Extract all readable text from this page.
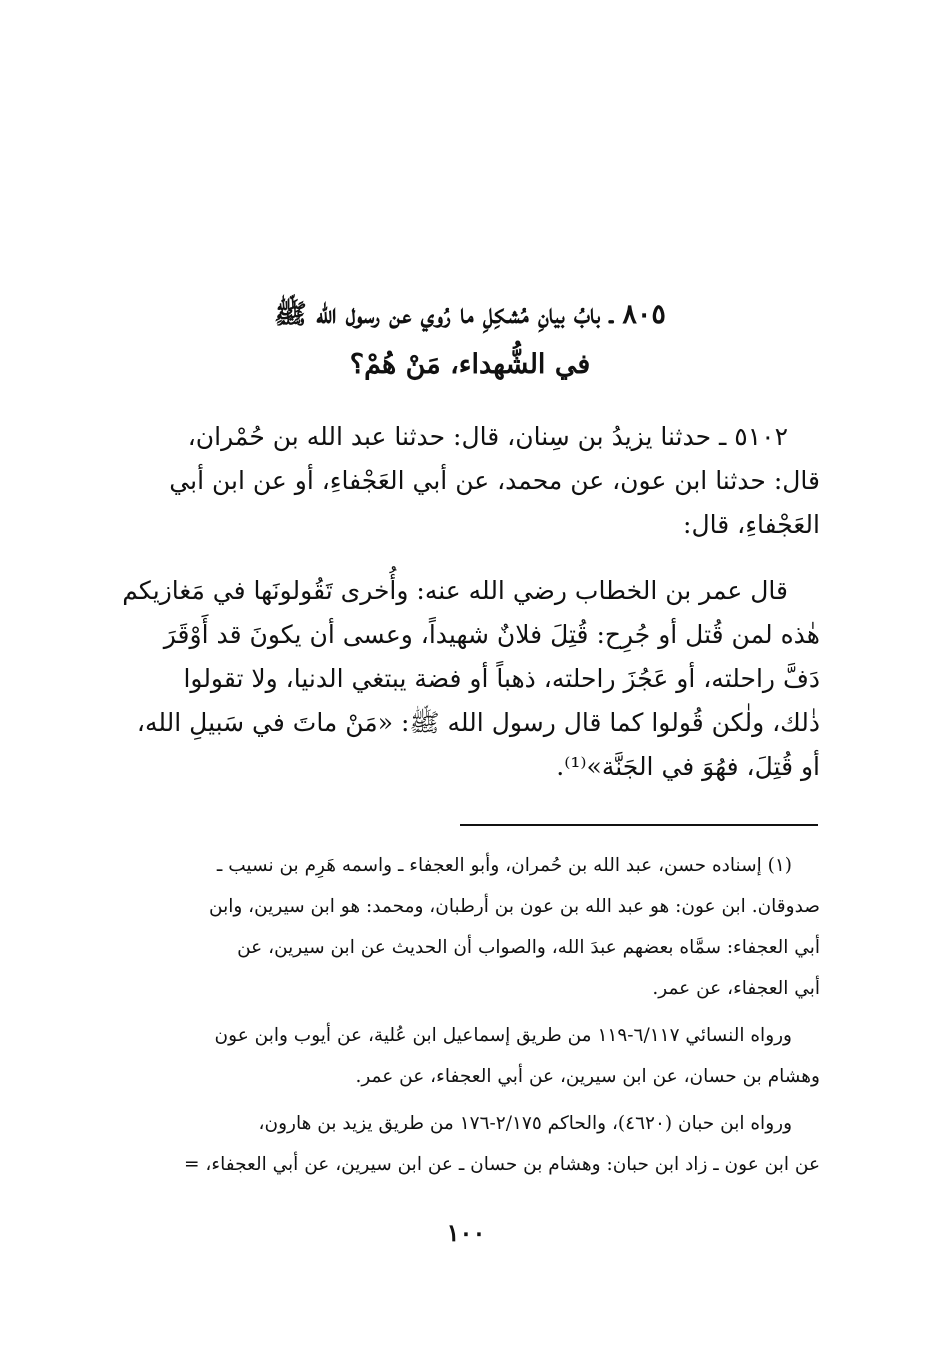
٨٠٥ ـ بابُ بيانِ مُشكِلِ ما رُوي عن رسول الله ﷺ
في الشُّهداء، مَنْ هُمْ؟

٥١٠٢ ـ حدثنا يزيدُ بن سِنان، قال: حدثنا عبد الله بن حُمْران،

قال: حدثنا ابن عون، عن محمد، عن أبي العَجْفاءِ، أو عن ابن أبي

العَجْفاءِ، قال:

قال عمر بن الخطاب رضي الله عنه: وأُخرى تَقُولونَها في مَغازيكم

هٰذه لمن قُتل أو جُرِح: قُتِلَ فلانٌ شهيداً، وعسى أن يكونَ قد أَوْقَرَ

دَفَّ راحلته، أو عَجُزَ راحلته، ذهباً أو فضة يبتغي الدنيا، ولا تقولوا

ذٰلك، ولٰكن قُولوا كما قال رسول الله ﷺ: «مَنْ ماتَ في سَبيلِ الله،

أو قُتِلَ، فهُوَ في الجَنَّة»⁽¹⁾.

(١) إسناده حسن، عبد الله بن حُمران، وأبو العجفاء ـ واسمه هَرِم بن نسيب ـ

صدوقان. ابن عون: هو عبد الله بن عون بن أرطبان، ومحمد: هو ابن سيرين، وابن

أبي العجفاء: سمَّاه بعضهم عبدَ الله، والصواب أن الحديث عن ابن سيرين، عن

أبي العجفاء، عن عمر.

ورواه النسائي ٦/١١٧-١١٩ من طريق إسماعيل ابن عُلية، عن أيوب وابن عون

وهشام بن حسان، عن ابن سيرين، عن أبي العجفاء، عن عمر.

ورواه ابن حبان (٤٦٢٠)، والحاكم ٢/١٧٥-١٧٦ من طريق يزيد بن هارون،

عن ابن عون ـ زاد ابن حبان: وهشام بن حسان ـ عن ابن سيرين، عن أبي العجفاء، =

١٠٠
